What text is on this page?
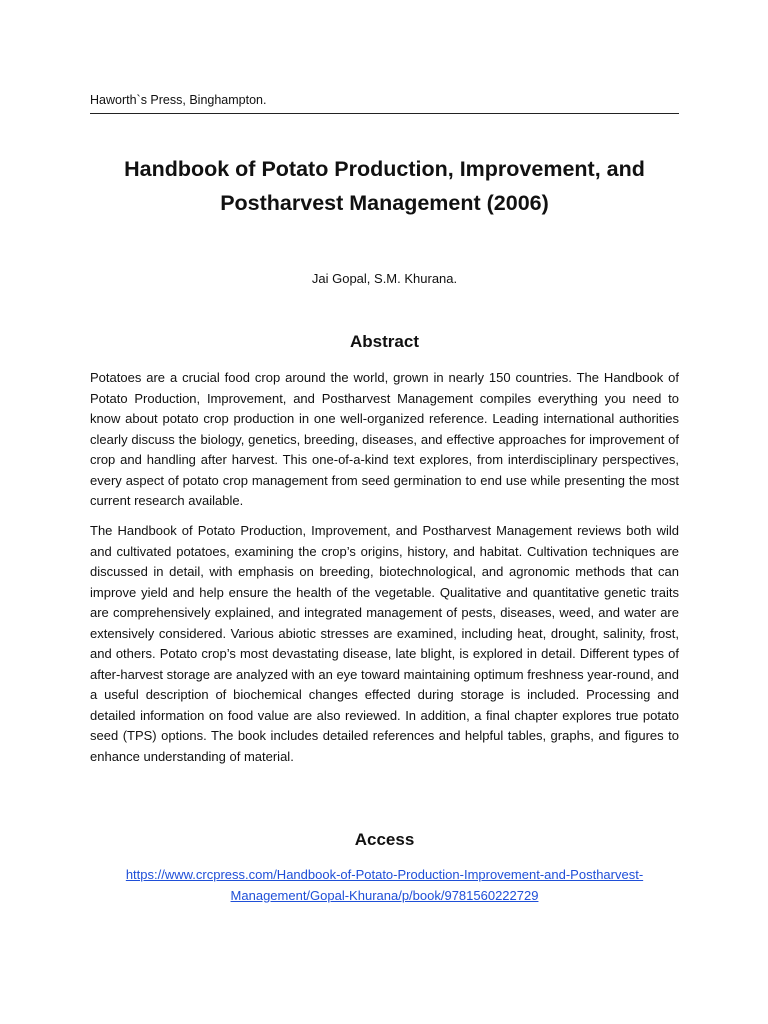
Haworth`s Press, Binghampton.
Handbook of Potato Production, Improvement, and
Postharvest Management (2006)
Jai Gopal, S.M. Khurana.
Abstract

Potatoes are a crucial food crop around the world, grown in nearly 150 countries. The Handbook of Potato Production, Improvement, and Postharvest Management compiles everything you need to know about potato crop production in one well-organized reference. Leading international authorities clearly discuss the biology, genetics, breeding, diseases, and effective approaches for improvement of crop and handling after harvest. This one-of-a-kind text explores, from interdisciplinary perspectives, every aspect of potato crop management from seed germination to end use while presenting the most current research available.

The Handbook of Potato Production, Improvement, and Postharvest Management reviews both wild and cultivated potatoes, examining the crop’s origins, history, and habitat. Cultivation techniques are discussed in detail, with emphasis on breeding, biotechnological, and agronomic methods that can improve yield and help ensure the health of the vegetable. Qualitative and quantitative genetic traits are comprehensively explained, and integrated management of pests, diseases, weed, and water are extensively considered. Various abiotic stresses are examined, including heat, drought, salinity, frost, and others. Potato crop’s most devastating disease, late blight, is explored in detail. Different types of after-harvest storage are analyzed with an eye toward maintaining optimum freshness year-round, and a useful description of biochemical changes effected during storage is included. Processing and detailed information on food value are also reviewed. In addition, a final chapter explores true potato seed (TPS) options. The book includes detailed references and helpful tables, graphs, and figures to enhance understanding of material.

Access
https://www.crcpress.com/Handbook-of-Potato-Production-Improvement-and-Postharvest-
Management/Gopal-Khurana/p/book/9781560222729
